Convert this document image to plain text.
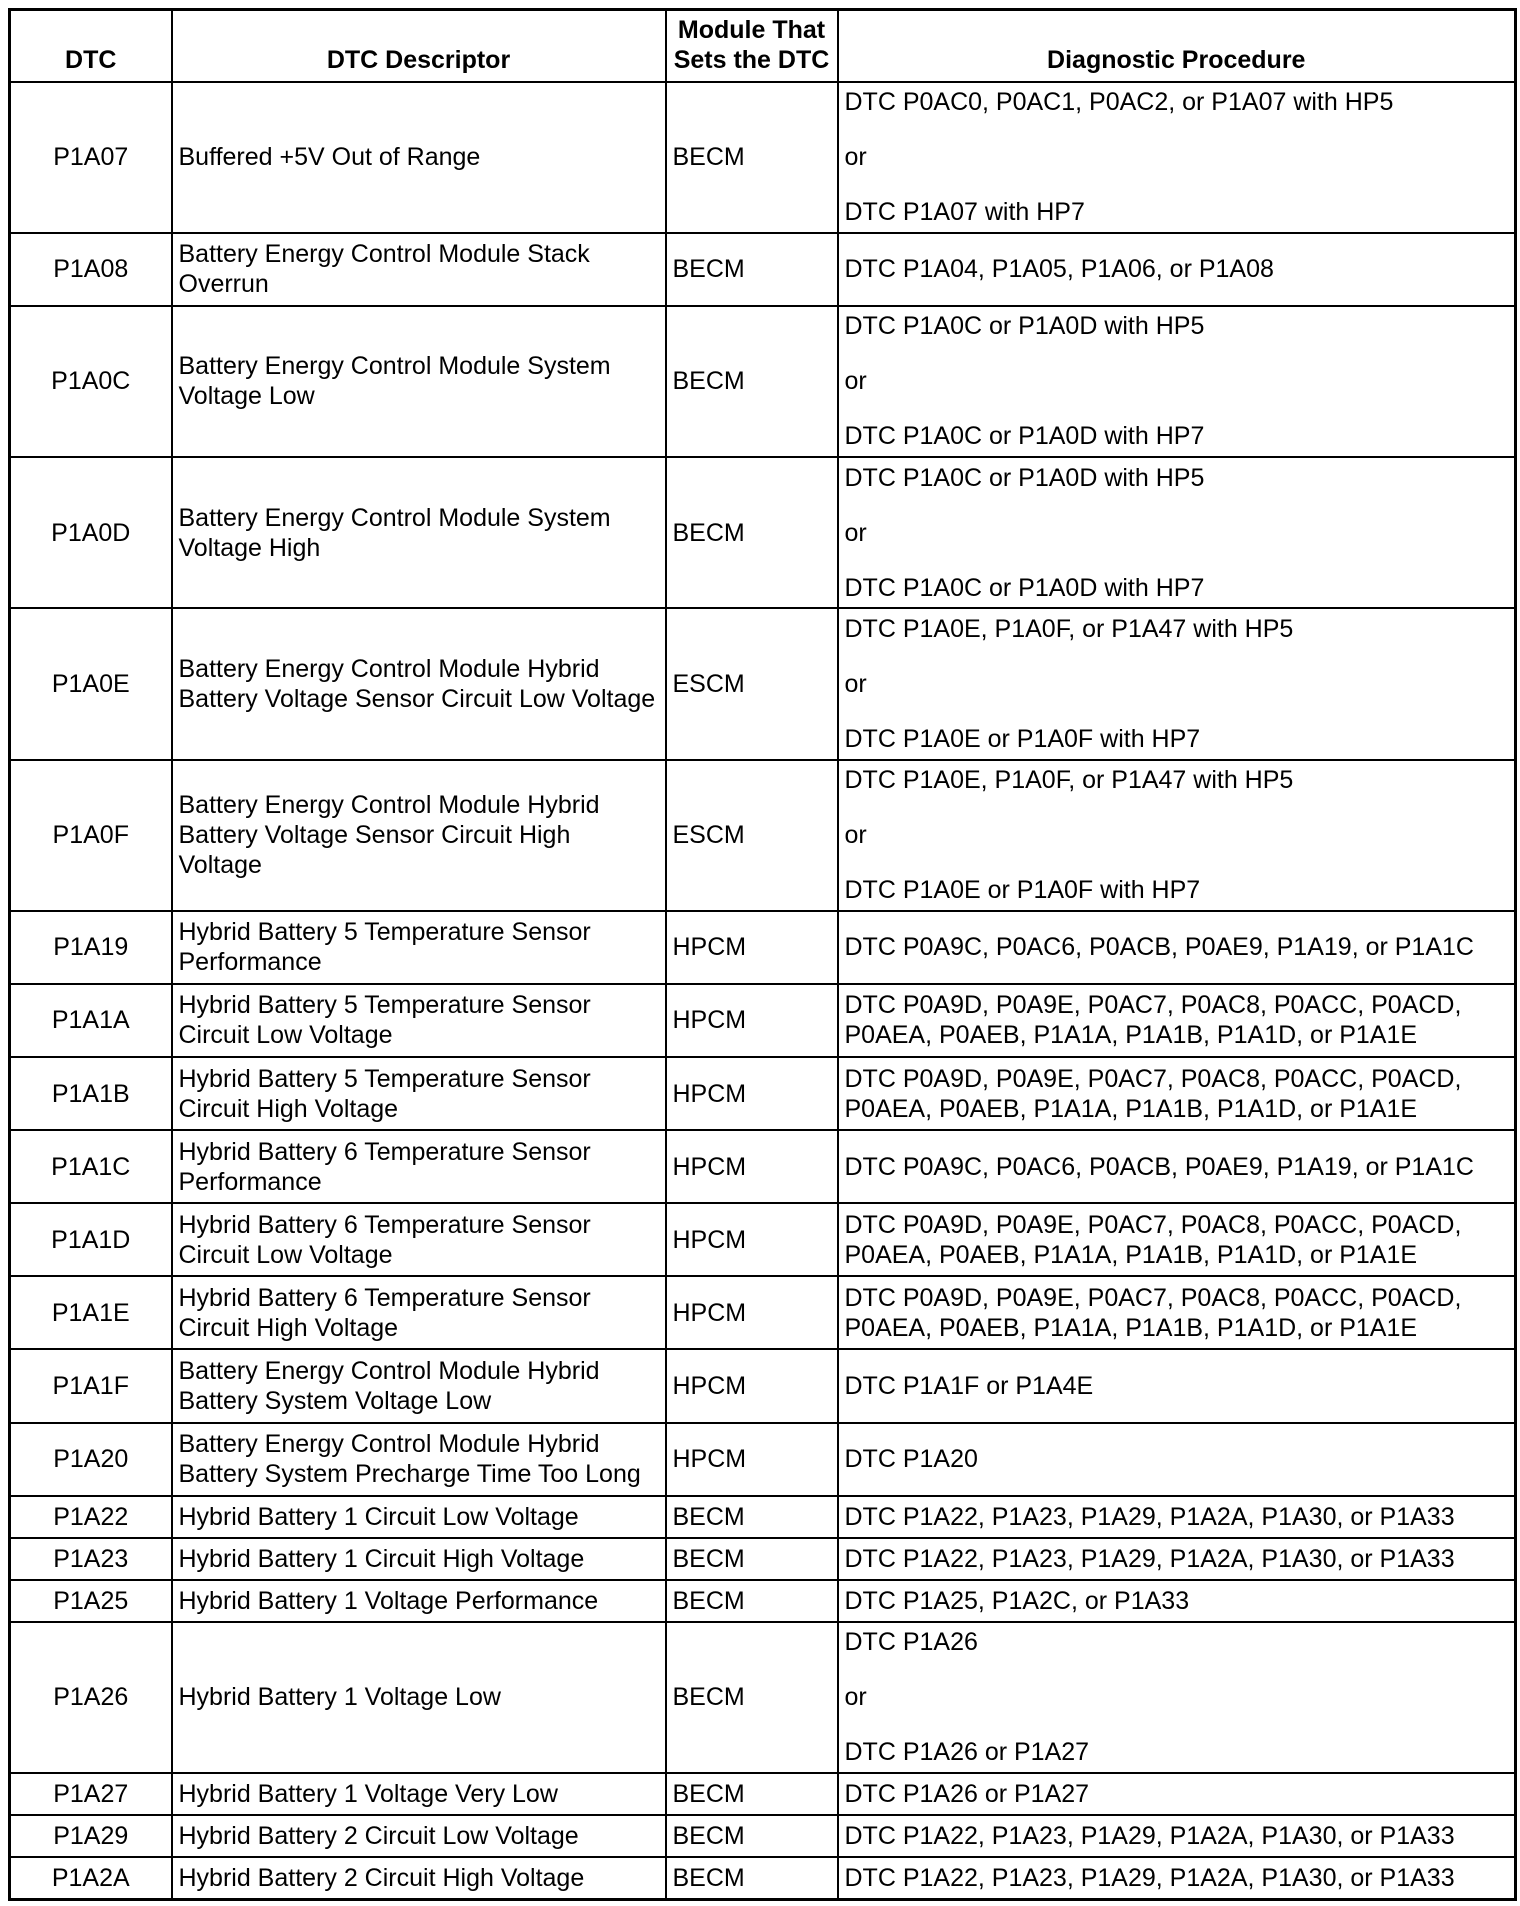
DTC	DTC Descriptor	Module That Sets the DTC	Diagnostic Procedure
P1A07	Buffered +5V Out of Range	BECM	DTC P0AC0, P0AC1, P0AC2, or P1A07 with HP5
or
DTC P1A07 with HP7

P1A08	Battery Energy Control Module Stack Overrun	BECM	DTC P1A04, P1A05, P1A06, or P1A08

P1A0C	Battery Energy Control Module System Voltage Low	BECM	DTC P1A0C or P1A0D with HP5
or
DTC P1A0C or P1A0D with HP7

P1A0D	Battery Energy Control Module System Voltage High	BECM	DTC P1A0C or P1A0D with HP5
or
DTC P1A0C or P1A0D with HP7

P1A0E	Battery Energy Control Module Hybrid Battery Voltage Sensor Circuit Low Voltage	ESCM	DTC P1A0E, P1A0F, or P1A47 with HP5
or
DTC P1A0E or P1A0F with HP7

P1A0F	Battery Energy Control Module Hybrid Battery Voltage Sensor Circuit High Voltage	ESCM	DTC P1A0E, P1A0F, or P1A47 with HP5
or
DTC P1A0E or P1A0F with HP7

P1A19	Hybrid Battery 5 Temperature Sensor Performance	HPCM	DTC P0A9C, P0AC6, P0ACB, P0AE9, P1A19, or P1A1C

P1A1A	Hybrid Battery 5 Temperature Sensor Circuit Low Voltage	HPCM	DTC P0A9D, P0A9E, P0AC7, P0AC8, P0ACC, P0ACD, P0AEA, P0AEB, P1A1A, P1A1B, P1A1D, or P1A1E

P1A1B	Hybrid Battery 5 Temperature Sensor Circuit High Voltage	HPCM	DTC P0A9D, P0A9E, P0AC7, P0AC8, P0ACC, P0ACD, P0AEA, P0AEB, P1A1A, P1A1B, P1A1D, or P1A1E

P1A1C	Hybrid Battery 6 Temperature Sensor Performance	HPCM	DTC P0A9C, P0AC6, P0ACB, P0AE9, P1A19, or P1A1C

P1A1D	Hybrid Battery 6 Temperature Sensor Circuit Low Voltage	HPCM	DTC P0A9D, P0A9E, P0AC7, P0AC8, P0ACC, P0ACD, P0AEA, P0AEB, P1A1A, P1A1B, P1A1D, or P1A1E

P1A1E	Hybrid Battery 6 Temperature Sensor Circuit High Voltage	HPCM	DTC P0A9D, P0A9E, P0AC7, P0AC8, P0ACC, P0ACD, P0AEA, P0AEB, P1A1A, P1A1B, P1A1D, or P1A1E

P1A1F	Battery Energy Control Module Hybrid Battery System Voltage Low	HPCM	DTC P1A1F or P1A4E

P1A20	Battery Energy Control Module Hybrid Battery System Precharge Time Too Long	HPCM	DTC P1A20

P1A22	Hybrid Battery 1 Circuit Low Voltage	BECM	DTC P1A22, P1A23, P1A29, P1A2A, P1A30, or P1A33

P1A23	Hybrid Battery 1 Circuit High Voltage	BECM	DTC P1A22, P1A23, P1A29, P1A2A, P1A30, or P1A33

P1A25	Hybrid Battery 1 Voltage Performance	BECM	DTC P1A25, P1A2C, or P1A33

P1A26	Hybrid Battery 1 Voltage Low	BECM	DTC P1A26
or
DTC P1A26 or P1A27

P1A27	Hybrid Battery 1 Voltage Very Low	BECM	DTC P1A26 or P1A27

P1A29	Hybrid Battery 2 Circuit Low Voltage	BECM	DTC P1A22, P1A23, P1A29, P1A2A, P1A30, or P1A33

P1A2A	Hybrid Battery 2 Circuit High Voltage	BECM	DTC P1A22, P1A23, P1A29, P1A2A, P1A30, or P1A33
